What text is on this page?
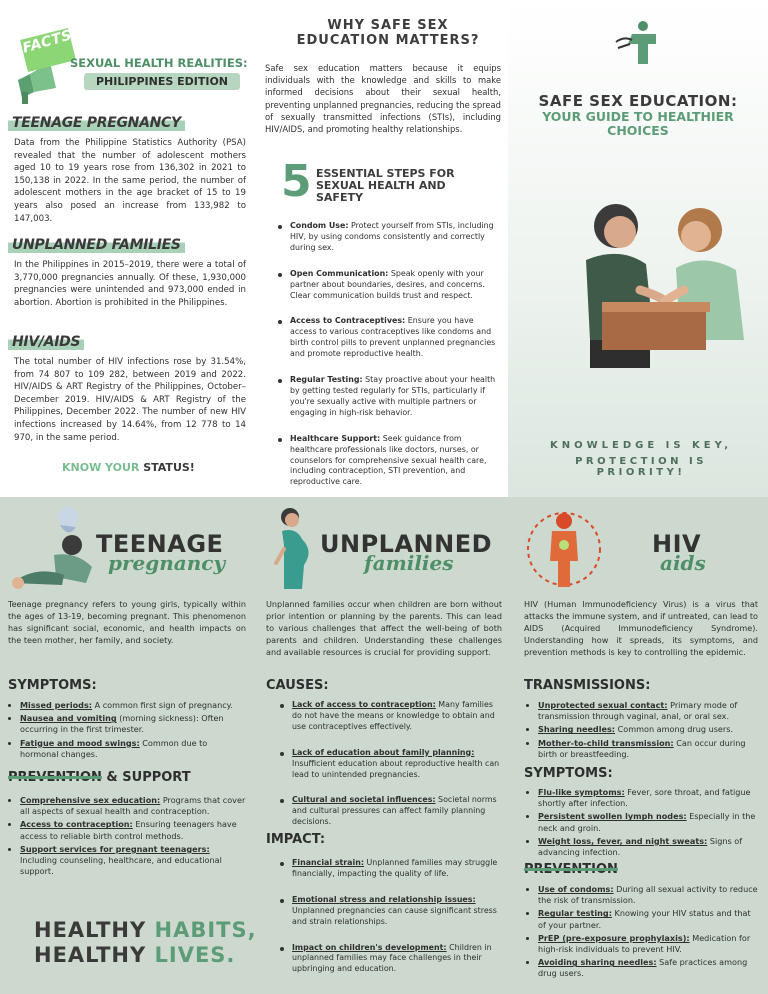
FACTS
SEXUAL HEALTH REALITIES:
PHILIPPINES EDITION
TEENAGE PREGNANCY
Data from the Philippine Statistics Authority (PSA) revealed that the number of adolescent mothers aged 10 to 19 years rose from 136,302 in 2021 to 150,138 in 2022. In the same period, the number of adolescent mothers in the age bracket of 15 to 19 years also posed an increase from 133,982 to 147,003.
UNPLANNED FAMILIES
In the Philippines in 2015–2019, there were a total of 3,770,000 pregnancies annually. Of these, 1,930,000 pregnancies were unintended and 973,000 ended in abortion. Abortion is prohibited in the Philippines.
HIV/AIDS
The total number of HIV infections rose by 31.54%, from 74 807 to 109 282, between 2019 and 2022. HIV/AIDS & ART Registry of the Philippines, October–December 2019. HIV/AIDS & ART Registry of the Philippines, December 2022. The number of new HIV infections increased by 14.64%, from 12 778 to 14 970, in the same period.
KNOW YOUR STATUS!
WHY SAFE SEX EDUCATION MATTERS?
Safe sex education matters because it equips individuals with the knowledge and skills to make informed decisions about their sexual health, preventing unplanned pregnancies, reducing the spread of sexually transmitted infections (STIs), including HIV/AIDS, and promoting healthy relationships.
5 ESSENTIAL STEPS FOR SEXUAL HEALTH AND SAFETY
Condom Use: Protect yourself from STIs, including HIV, by using condoms consistently and correctly during sex.
Open Communication: Speak openly with your partner about boundaries, desires, and concerns. Clear communication builds trust and respect.
Access to Contraceptives: Ensure you have access to various contraceptives like condoms and birth control pills to prevent unplanned pregnancies and promote reproductive health.
Regular Testing: Stay proactive about your health by getting tested regularly for STIs, particularly if you're sexually active with multiple partners or engaging in high-risk behavior.
Healthcare Support: Seek guidance from healthcare professionals like doctors, nurses, or counselors for comprehensive sexual health care, including contraception, STI prevention, and reproductive care.
SAFE SEX EDUCATION:
YOUR GUIDE TO HEALTHIER CHOICES
KNOWLEDGE IS KEY,
PROTECTION IS PRIORITY!
TEENAGE
pregnancy
Teenage pregnancy refers to young girls, typically within the ages of 13-19, becoming pregnant. This phenomenon has significant social, economic, and health impacts on the teen mother, her family, and society.
SYMPTOMS:
• Missed periods: A common first sign of pregnancy.
• Nausea and vomiting (morning sickness): Often occurring in the first trimester.
• Fatigue and mood swings: Common due to hormonal changes.
PREVENTION & SUPPORT
• Comprehensive sex education: Programs that cover all aspects of sexual health and contraception.
• Access to contraception: Ensuring teenagers have access to reliable birth control methods.
• Support services for pregnant teenagers: Including counseling, healthcare, and educational support.
HEALTHY HABITS,
HEALTHY LIVES.
UNPLANNED
families
Unplanned families occur when children are born without prior intention or planning by the parents. This can lead to various challenges that affect the well-being of both parents and children. Understanding these challenges and available resources is crucial for providing support.
CAUSES:
Lack of access to contraception: Many families do not have the means or knowledge to obtain and use contraceptives effectively.
Lack of education about family planning: Insufficient education about reproductive health can lead to unintended pregnancies.
Cultural and societal influences: Societal norms and cultural pressures can affect family planning decisions.
IMPACT:
Financial strain: Unplanned families may struggle financially, impacting the quality of life.
Emotional stress and relationship issues: Unplanned pregnancies can cause significant stress and strain relationships.
Impact on children's development: Children in unplanned families may face challenges in their upbringing and education.
HIV
aids
HIV (Human Immunodeficiency Virus) is a virus that attacks the immune system, and if untreated, can lead to AIDS (Acquired Immunodeficiency Syndrome). Understanding how it spreads, its symptoms, and prevention methods is key to controlling the epidemic.
TRANSMISSIONS:
• Unprotected sexual contact: Primary mode of transmission through vaginal, anal, or oral sex.
• Sharing needles: Common among drug users.
• Mother-to-child transmission: Can occur during birth or breastfeeding.
SYMPTOMS:
• Flu-like symptoms: Fever, sore throat, and fatigue shortly after infection.
• Persistent swollen lymph nodes: Especially in the neck and groin.
• Weight loss, fever, and night sweats: Signs of advancing infection.
PREVENTION
• Use of condoms: During all sexual activity to reduce the risk of transmission.
• Regular testing: Knowing your HIV status and that of your partner.
• PrEP (pre-exposure prophylaxis): Medication for high-risk individuals to prevent HIV.
• Avoiding sharing needles: Safe practices among drug users.
